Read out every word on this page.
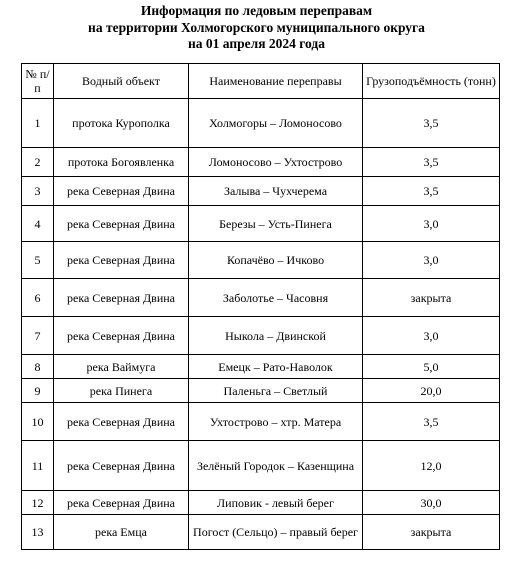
Информация по ледовым переправам
на территории Холмогорского муниципального округа
на 01 апреля 2024 года
№ п/п	Водный объект	Наименование переправы	Грузоподъёмность (тонн)
1	протока Курополка	Холмогоры – Ломоносово	3,5
2	протока Богоявленка	Ломоносово – Ухтострово	3,5
3	река Северная Двина	Залыва – Чухчерема	3,5
4	река Северная Двина	Березы – Усть-Пинега	3,0
5	река Северная Двина	Копачёво – Ичково	3,0
6	река Северная Двина	Заболотье – Часовня	закрыта
7	река Северная Двина	Ныкола – Двинской	3,0
8	река Ваймуга	Емецк – Рато-Наволок	5,0
9	река Пинега	Паленьга – Светлый	20,0
10	река Северная Двина	Ухтострово – хтр. Матера	3,5
11	река Северная Двина	Зелёный Городок – Казенщина	12,0
12	река Северная Двина	Липовик - левый берег	30,0
13	река Емца	Погост (Сельцо) – правый берег	закрыта
